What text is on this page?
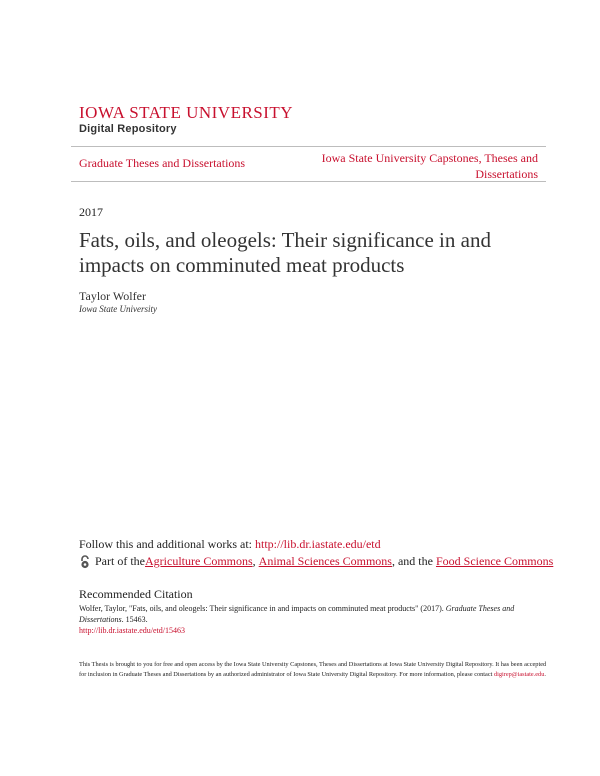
IOWA STATE UNIVERSITY
Digital Repository
Graduate Theses and Dissertations	Iowa State University Capstones, Theses and Dissertations
2017
Fats, oils, and oleogels: Their significance in and impacts on comminuted meat products
Taylor Wolfer
Iowa State University
Follow this and additional works at: http://lib.dr.iastate.edu/etd
Part of the Agriculture Commons , Animal Sciences Commons , and the Food Science Commons
Recommended Citation
Wolfer, Taylor, "Fats, oils, and oleogels: Their significance in and impacts on comminuted meat products" (2017). Graduate Theses and Dissertations. 15463.
http://lib.dr.iastate.edu/etd/15463
This Thesis is brought to you for free and open access by the Iowa State University Capstones, Theses and Dissertations at Iowa State University Digital Repository. It has been accepted for inclusion in Graduate Theses and Dissertations by an authorized administrator of Iowa State University Digital Repository. For more information, please contact digirep@iastate.edu.
